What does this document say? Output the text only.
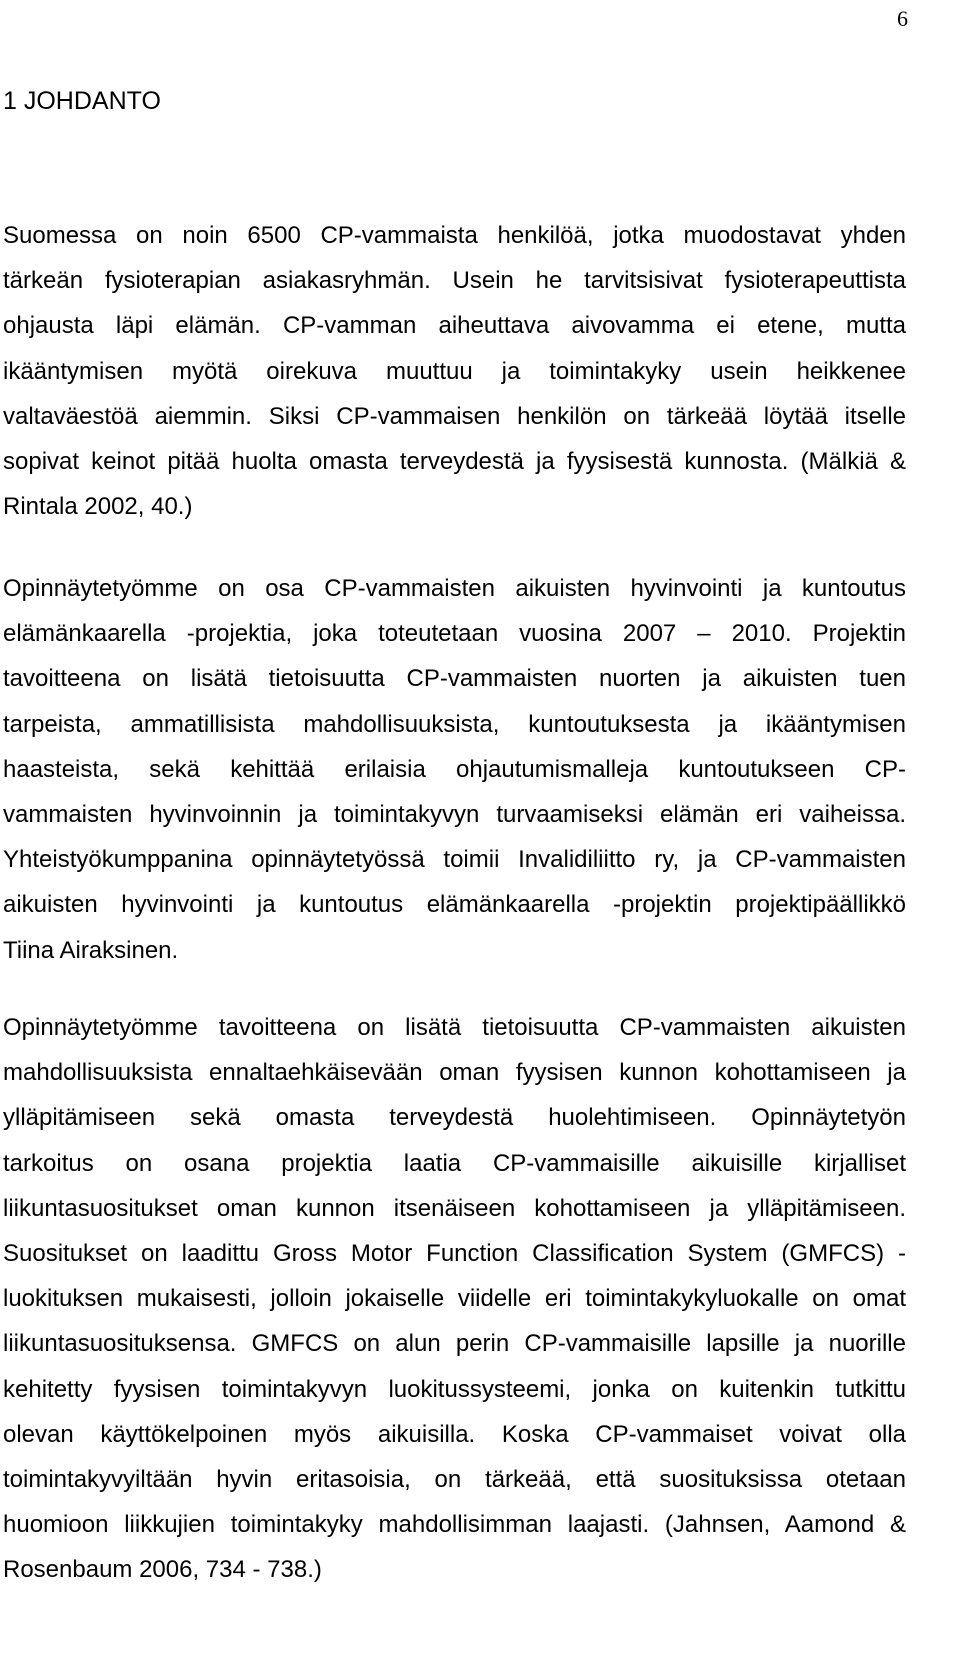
6
1 JOHDANTO

Suomessa on noin 6500 CP-vammaista henkilöä, jotka muodostavat yhden
tärkeän fysioterapian asiakasryhmän. Usein he tarvitsisivat fysioterapeuttista
ohjausta läpi elämän. CP-vamman aiheuttava aivovamma ei etene, mutta
ikääntymisen myötä oirekuva muuttuu ja toimintakyky usein heikkenee
valtaväestöä aiemmin. Siksi CP-vammaisen henkilön on tärkeää löytää itselle
sopivat keinot pitää huolta omasta terveydestä ja fyysisestä kunnosta. (Mälkiä &
Rintala 2002, 40.)

Opinnäytetyömme on osa CP-vammaisten aikuisten hyvinvointi ja kuntoutus
elämänkaarella -projektia, joka toteutetaan vuosina 2007 – 2010. Projektin
tavoitteena on lisätä tietoisuutta CP-vammaisten nuorten ja aikuisten tuen
tarpeista, ammatillisista mahdollisuuksista, kuntoutuksesta ja ikääntymisen
haasteista, sekä kehittää erilaisia ohjautumismalleja kuntoutukseen CP-
vammaisten hyvinvoinnin ja toimintakyvyn turvaamiseksi elämän eri vaiheissa.
Yhteistyökumppanina opinnäytetyössä toimii Invalidiliitto ry, ja CP-vammaisten
aikuisten hyvinvointi ja kuntoutus elämänkaarella -projektin projektipäällikkö
Tiina Airaksinen.

Opinnäytetyömme tavoitteena on lisätä tietoisuutta CP-vammaisten aikuisten
mahdollisuuksista ennaltaehkäisevään oman fyysisen kunnon kohottamiseen ja
ylläpitämiseen sekä omasta terveydestä huolehtimiseen. Opinnäytetyön
tarkoitus on osana projektia laatia CP-vammaisille aikuisille kirjalliset
liikuntasuositukset oman kunnon itsenäiseen kohottamiseen ja ylläpitämiseen.
Suositukset on laadittu Gross Motor Function Classification System (GMFCS) -
luokituksen mukaisesti, jolloin jokaiselle viidelle eri toimintakykyluokalle on omat
liikuntasuosituksensa. GMFCS on alun perin CP-vammaisille lapsille ja nuorille
kehitetty fyysisen toimintakyvyn luokitussysteemi, jonka on kuitenkin tutkittu
olevan käyttökelpoinen myös aikuisilla. Koska CP-vammaiset voivat olla
toimintakyvyiltään hyvin eritasoisia, on tärkeää, että suosituksissa otetaan
huomioon liikkujien toimintakyky mahdollisimman laajasti. (Jahnsen, Aamond &
Rosenbaum 2006, 734 - 738.)
